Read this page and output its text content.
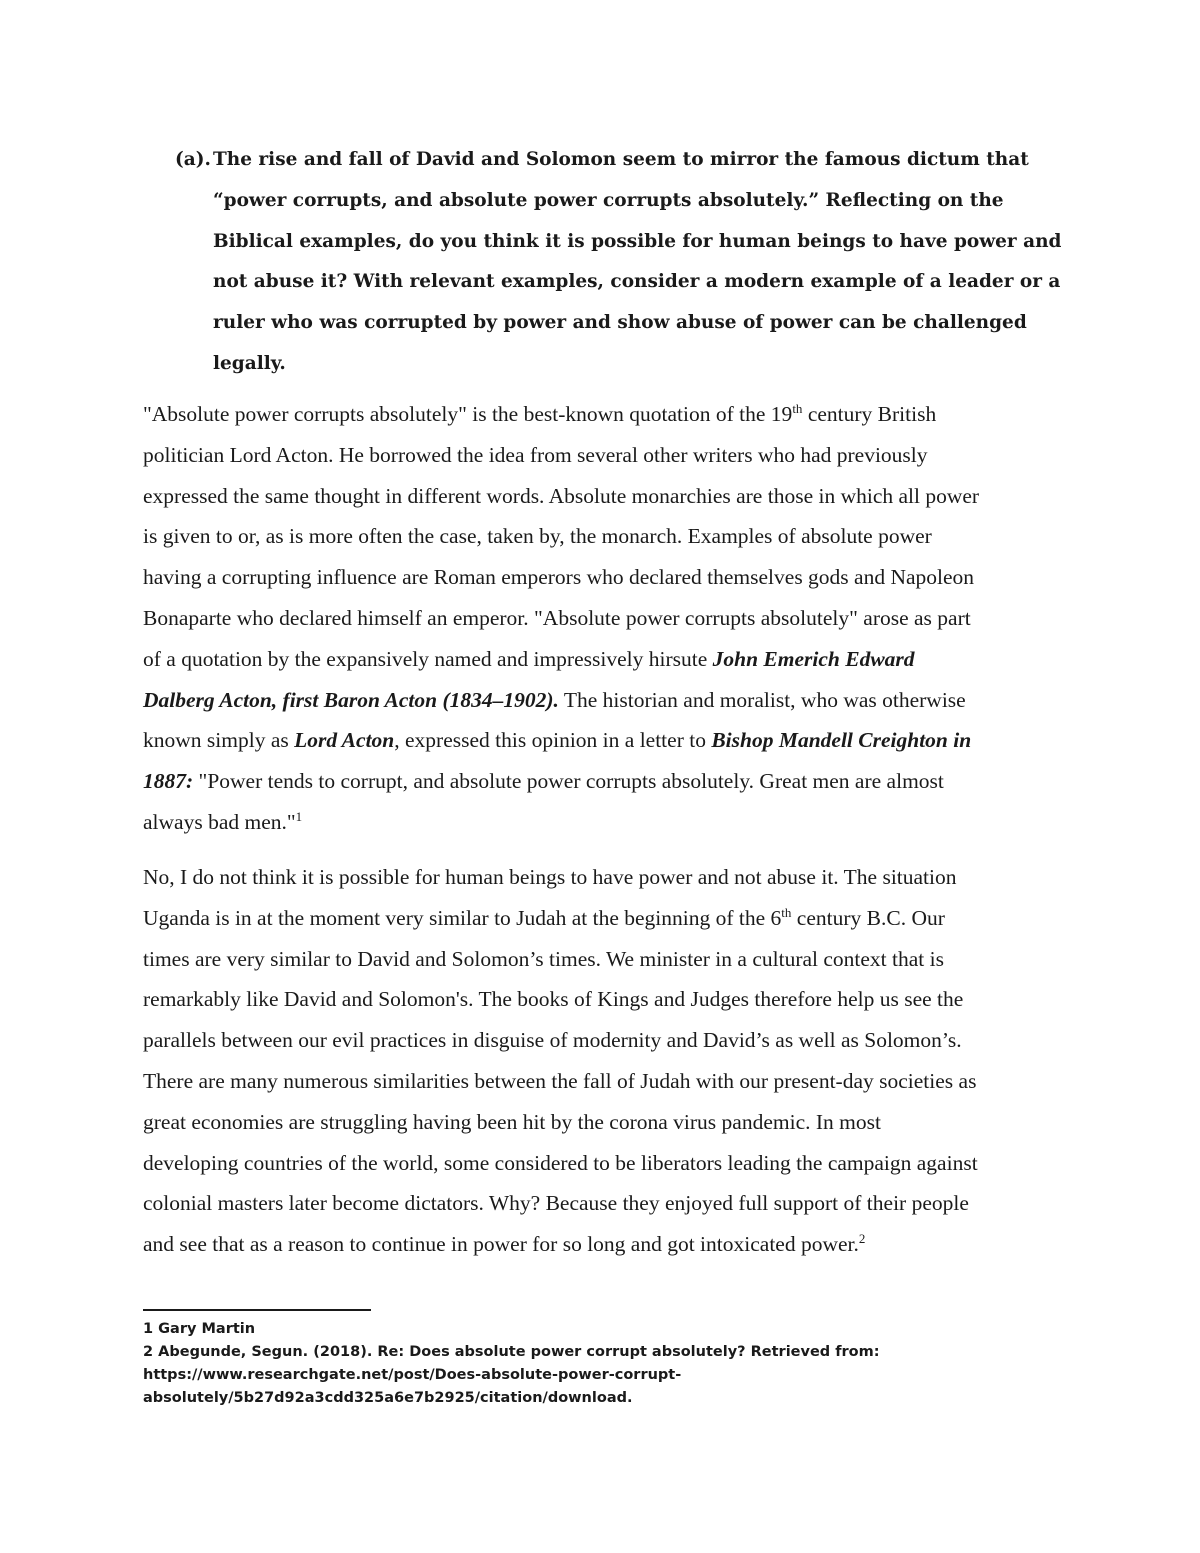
(a). The rise and fall of David and Solomon seem to mirror the famous dictum that
“power corrupts, and absolute power corrupts absolutely.” Reflecting on the
Biblical examples, do you think it is possible for human beings to have power and
not abuse it? With relevant examples, consider a modern example of a leader or a
ruler who was corrupted by power and show abuse of power can be challenged
legally.
"Absolute power corrupts absolutely" is the best-known quotation of the 19th century British
politician Lord Acton. He borrowed the idea from several other writers who had previously
expressed the same thought in different words. Absolute monarchies are those in which all power
is given to or, as is more often the case, taken by, the monarch. Examples of absolute power
having a corrupting influence are Roman emperors who declared themselves gods and Napoleon
Bonaparte who declared himself an emperor. "Absolute power corrupts absolutely" arose as part
of a quotation by the expansively named and impressively hirsute John Emerich Edward
Dalberg Acton, first Baron Acton (1834–1902). The historian and moralist, who was otherwise
known simply as Lord Acton, expressed this opinion in a letter to Bishop Mandell Creighton in
1887: "Power tends to corrupt, and absolute power corrupts absolutely. Great men are almost
always bad men."$^1$
No, I do not think it is possible for human beings to have power and not abuse it. The situation
Uganda is in at the moment very similar to Judah at the beginning of the 6th century B.C. Our
times are very similar to David and Solomon’s times. We minister in a cultural context that is
remarkably like David and Solomon's. The books of Kings and Judges therefore help us see the
parallels between our evil practices in disguise of modernity and David’s as well as Solomon’s.
There are many numerous similarities between the fall of Judah with our present-day societies as
great economies are struggling having been hit by the corona virus pandemic. In most
developing countries of the world, some considered to be liberators leading the campaign against
colonial masters later become dictators. Why? Because they enjoyed full support of their people
and see that as a reason to continue in power for so long and got intoxicated power.$^2$
1 Gary Martin
2 Abegunde, Segun. (2018). Re: Does absolute power corrupt absolutely? Retrieved from:
https://www.researchgate.net/post/Does-absolute-power-corrupt-
absolutely/5b27d92a3cdd325a6e7b2925/citation/download.
